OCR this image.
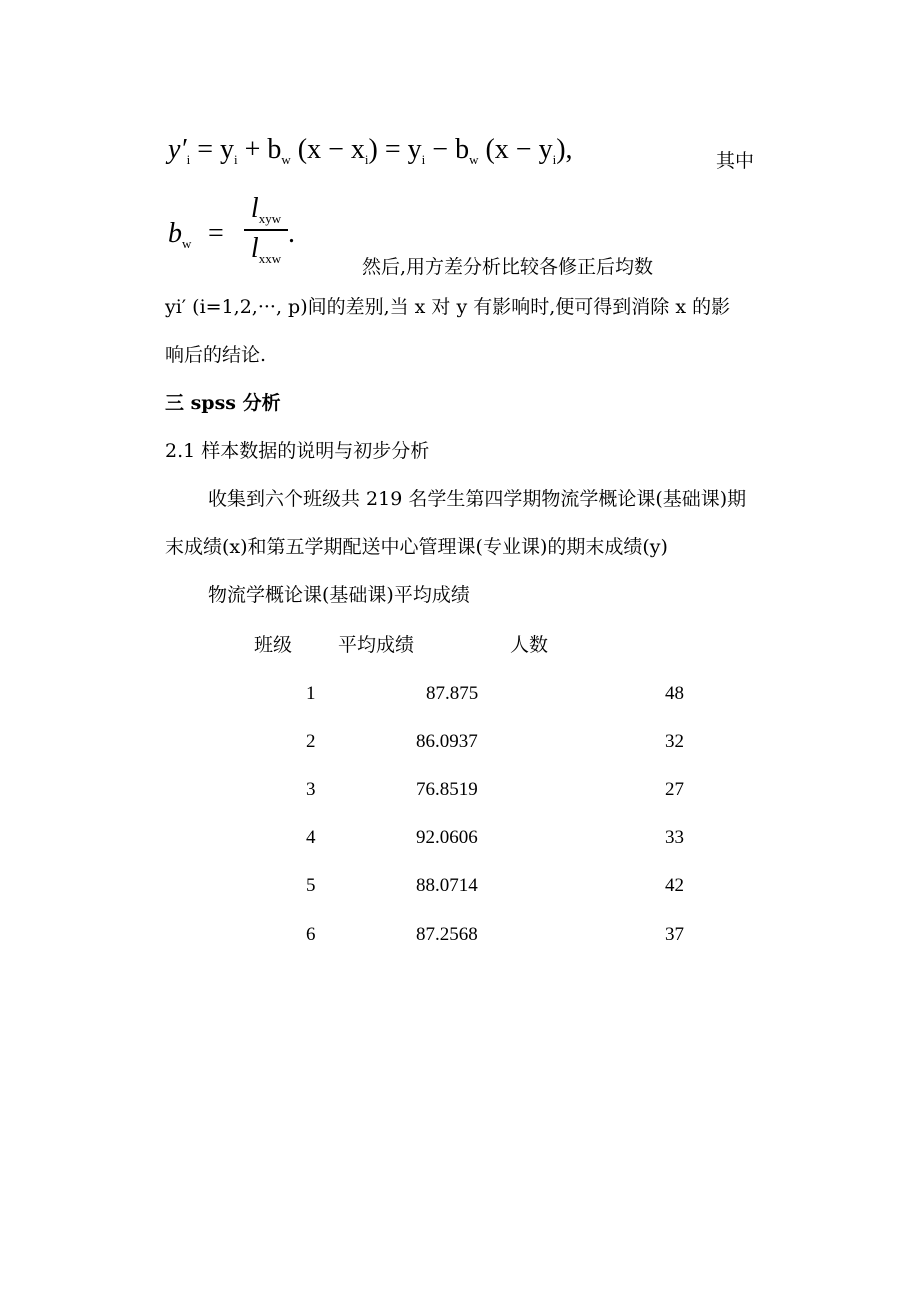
$y'_i = y_i + b_w$ $(x - x_i) = y_i - b_w$ $(x - y_i)$,	其中
$b_w$ =
$l_{xyw}$
$l_{xxw}$
.
然后,用方差分析比较各修正后均数
yi′ (i=1,2,···, p)间的差别,当 x 对 y 有影响时,便可得到消除 x 的影
响后的结论.
三 spss 分析
2.1 样本数据的说明与初步分析
收集到六个班级共 219 名学生第四学期物流学概论课(基础课)期
末成绩(x)和第五学期配送中心管理课(专业课)的期末成绩(y)
物流学概论课(基础课)平均成绩
班级 平均成绩	人数
1	87.875	48
2	86.0937	32
3	76.8519	27
4	92.0606	33
5	88.0714	42
6	87.2568	37
